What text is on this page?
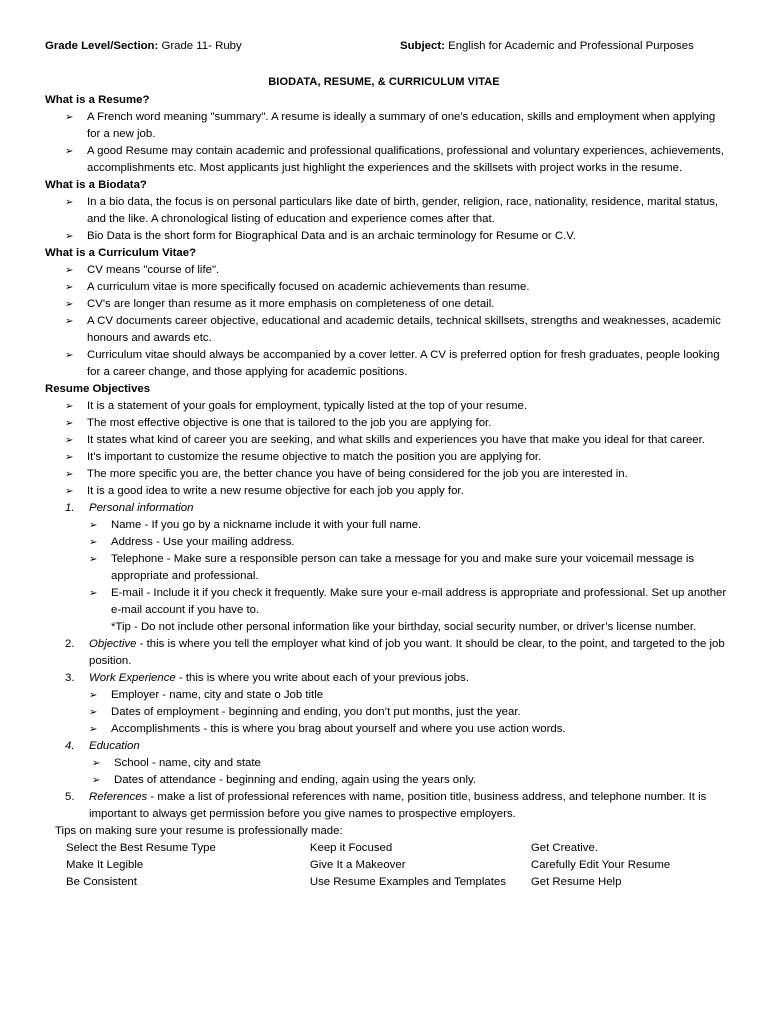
Grade Level/Section: Grade 11- Ruby	Subject: English for Academic and Professional Purposes
BIODATA, RESUME, & CURRICULUM VITAE
What is a Resume?
➢ A French word meaning "summary". A resume is ideally a summary of one's education, skills and employment when applying for a new job.
➢ A good Resume may contain academic and professional qualifications, professional and voluntary experiences, achievements, accomplishments etc. Most applicants just highlight the experiences and the skillsets with project works in the resume.
What is a Biodata?
➢ In a bio data, the focus is on personal particulars like date of birth, gender, religion, race, nationality, residence, marital status, and the like. A chronological listing of education and experience comes after that.
➢ Bio Data is the short form for Biographical Data and is an archaic terminology for Resume or C.V.
What is a Curriculum Vitae?
➢ CV means "course of life".
➢ A curriculum vitae is more specifically focused on academic achievements than resume.
➢ CV's are longer than resume as it more emphasis on completeness of one detail.
➢ A CV documents career objective, educational and academic details, technical skillsets, strengths and weaknesses, academic honours and awards etc.
➢ Curriculum vitae should always be accompanied by a cover letter. A CV is preferred option for fresh graduates, people looking for a career change, and those applying for academic positions.
Resume Objectives
➢ It is a statement of your goals for employment, typically listed at the top of your resume.
➢ The most effective objective is one that is tailored to the job you are applying for.
➢ It states what kind of career you are seeking, and what skills and experiences you have that make you ideal for that career.
➢ It's important to customize the resume objective to match the position you are applying for.
➢ The more specific you are, the better chance you have of being considered for the job you are interested in.
➢ It is a good idea to write a new resume objective for each job you apply for.
1. Personal information
➢ Name - If you go by a nickname include it with your full name.
➢ Address - Use your mailing address.
➢ Telephone - Make sure a responsible person can take a message for you and make sure your voicemail message is appropriate and professional.
➢ E-mail - Include it if you check it frequently. Make sure your e-mail address is appropriate and professional. Set up another e-mail account if you have to.
*Tip - Do not include other personal information like your birthday, social security number, or driver’s license number.
2. Objective - this is where you tell the employer what kind of job you want. It should be clear, to the point, and targeted to the job position.
3. Work Experience - this is where you write about each of your previous jobs.
➢ Employer - name, city and state o Job title
➢ Dates of employment - beginning and ending, you don’t put months, just the year.
➢ Accomplishments - this is where you brag about yourself and where you use action words.
4. Education
➢ School - name, city and state
➢ Dates of attendance - beginning and ending, again using the years only.
5. References - make a list of professional references with name, position title, business address, and telephone number. It is important to always get permission before you give names to prospective employers.
Tips on making sure your resume is professionally made:
Select the Best Resume Type	Keep it Focused	Get Creative.
Make It Legible	Give It a Makeover	Carefully Edit Your Resume
Be Consistent	Use Resume Examples and Templates	Get Resume Help
